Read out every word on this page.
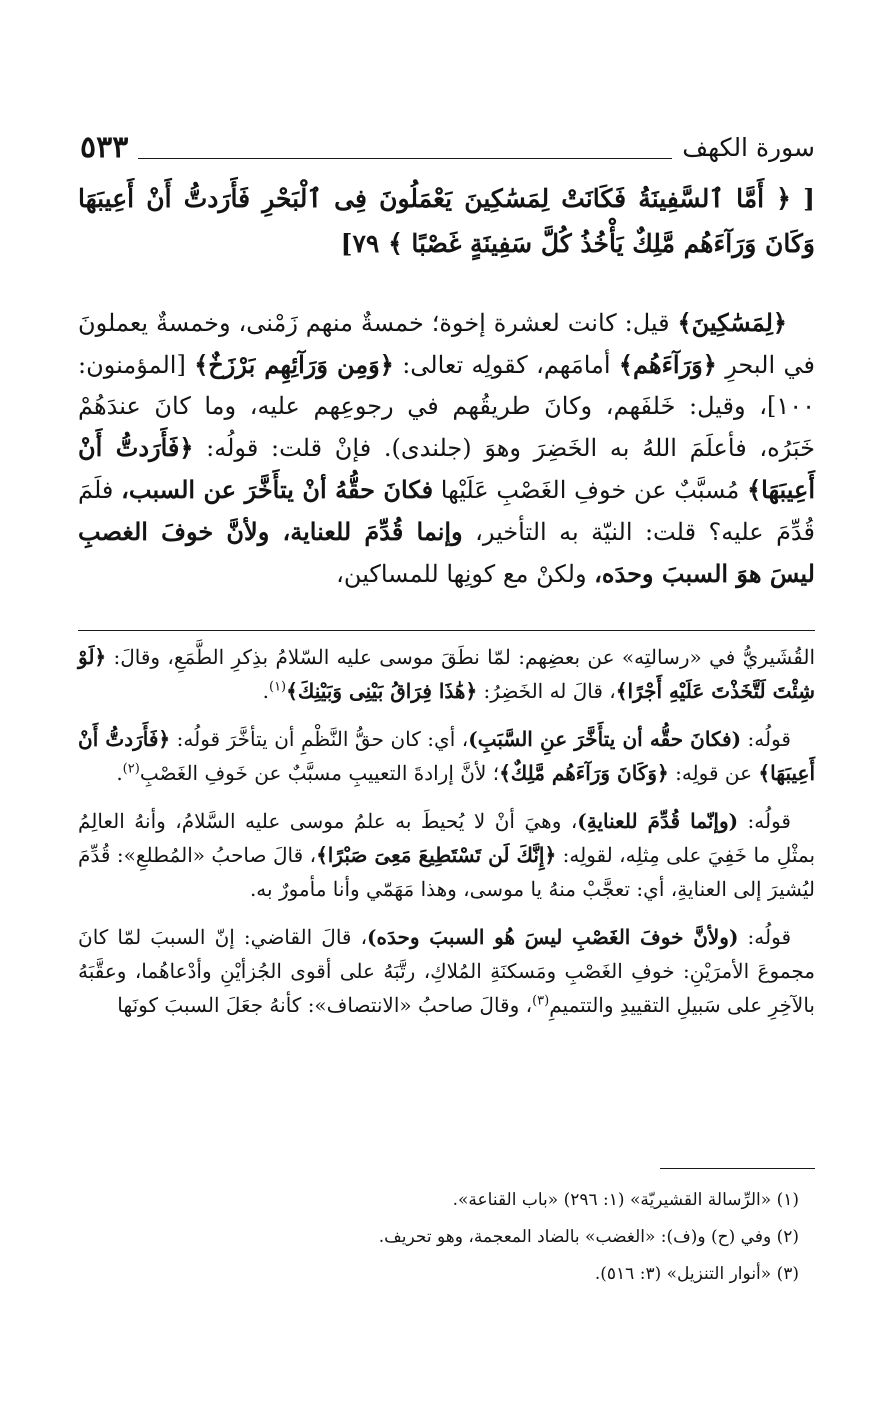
٥٣٣	سورة الكهف
[ ﴿ أَمَّا ٱلسَّفِينَةُ فَكَانَتْ لِمَسَٰكِينَ يَعْمَلُونَ فِى ٱلْبَحْرِ فَأَرَدتُّ أَنْ أَعِيبَهَا وَكَانَ وَرَآءَهُم مَّلِكٌ يَأْخُذُ كُلَّ سَفِينَةٍ غَصْبًا ﴾ ٧٩]
﴿لِمَسَٰكِينَ﴾ قيل: كانت لعشرة إخوة؛ خمسةٌ منهم زَمْنى، وخمسةٌ يعملونَ في البحرِ ﴿وَرَآءَهُم﴾ أمامَهم، كقولِه تعالى: ﴿وَمِن وَرَآئِهِم بَرْزَخٌ﴾ [المؤمنون: ١٠٠]، وقيل: خَلفَهم، وكانَ طريقُهم في رجوعِهم عليه، وما كانَ عندَهُمْ خَبَرُه، فأعلَمَ اللهُ به الخَضِرَ وهوَ (جلندى). فإنْ قلت: قولُه: ﴿فَأَرَدتُّ أَنْ أَعِيبَهَا﴾ مُسبَّبٌ عن خوفِ الغَصْبِ عَلَيْها فكانَ حقُّهُ أنْ يتأَخَّرَ عن السبب، فلَمَ قُدِّمَ عليه؟ قلت: النيّة به التأخير، وإنما قُدِّمَ للعناية، ولأنَّ خوفَ الغصبِ ليسَ هوَ السببَ وحدَه، ولكنْ مع كونِها للمساكين،

القُشَيريُّ في «رسالتِه» عن بعضِهم: لمّا نطَقَ موسى عليه السّلامُ بذِكرِ الطَّمَعِ، وقالَ: ﴿لَوْ شِئْتَ لَتَّخَذْتَ عَلَيْهِ أَجْرًا﴾، قالَ له الخَضِرُ: ﴿هَٰذَا فِرَاقُ بَيْنِى وَبَيْنِكَ﴾$^{(١)}$.

قولُه: (فكانَ حقُّه أن يتأَخَّرَ عنِ السَّبَبِ)، أي: كان حقُّ النَّظْمِ أن يتأخَّرَ قولُه: ﴿فَأَرَدتُّ أَنْ أَعِيبَهَا﴾ عن قولِه: ﴿وَكَانَ وَرَآءَهُم مَّلِكٌ﴾؛ لأنَّ إرادةَ التعييبِ مسبَّبٌ عن خَوفِ الغَصْبِ$^{(٢)}$.

قولُه: (وإنّما قُدِّمَ للعنايةِ)، وهيَ أنْ لا يُحيطَ به علمُ موسى عليه السَّلامُ، وأنهُ العالِمُ بمثْلِ ما خَفِيَ على مِثلِه، لقولِه: ﴿إِنَّكَ لَن تَسْتَطِيعَ مَعِىَ صَبْرًا﴾، قالَ صاحبُ «المُطلعِ»: قُدِّمَ ليُشيرَ إلى العنايةِ، أي: تعجَّبْ منهُ يا موسى، وهذا مَهَمّي وأنا مأمورٌ به.

قولُه: (ولأنَّ خوفَ الغَصْبِ ليسَ هُو السببَ وحدَه)، قالَ القاضي: إنّ السببَ لمّا كانَ مجموعَ الأمرَيْنِ: خوفِ الغَصْبِ ومَسكنَةِ المُلاكِ، رتَّبَهُ على أقوى الجُزأيْنِ وأدْعاهُما، وعقَّبَهُ بالآخِرِ على سَبيلِ التقييدِ والتتميمِ$^{(٣)}$، وقالَ صاحبُ «الانتصاف»: كأنهُ جعَلَ السببَ كونَها

(١) «الرِّسالة القشيريّة» (١: ٢٩٦) «باب القناعة».

(٢) وفي (ح) و(ف): «الغضب» بالضاد المعجمة، وهو تحريف.

(٣) «أنوار التنزيل» (٣: ٥١٦).
